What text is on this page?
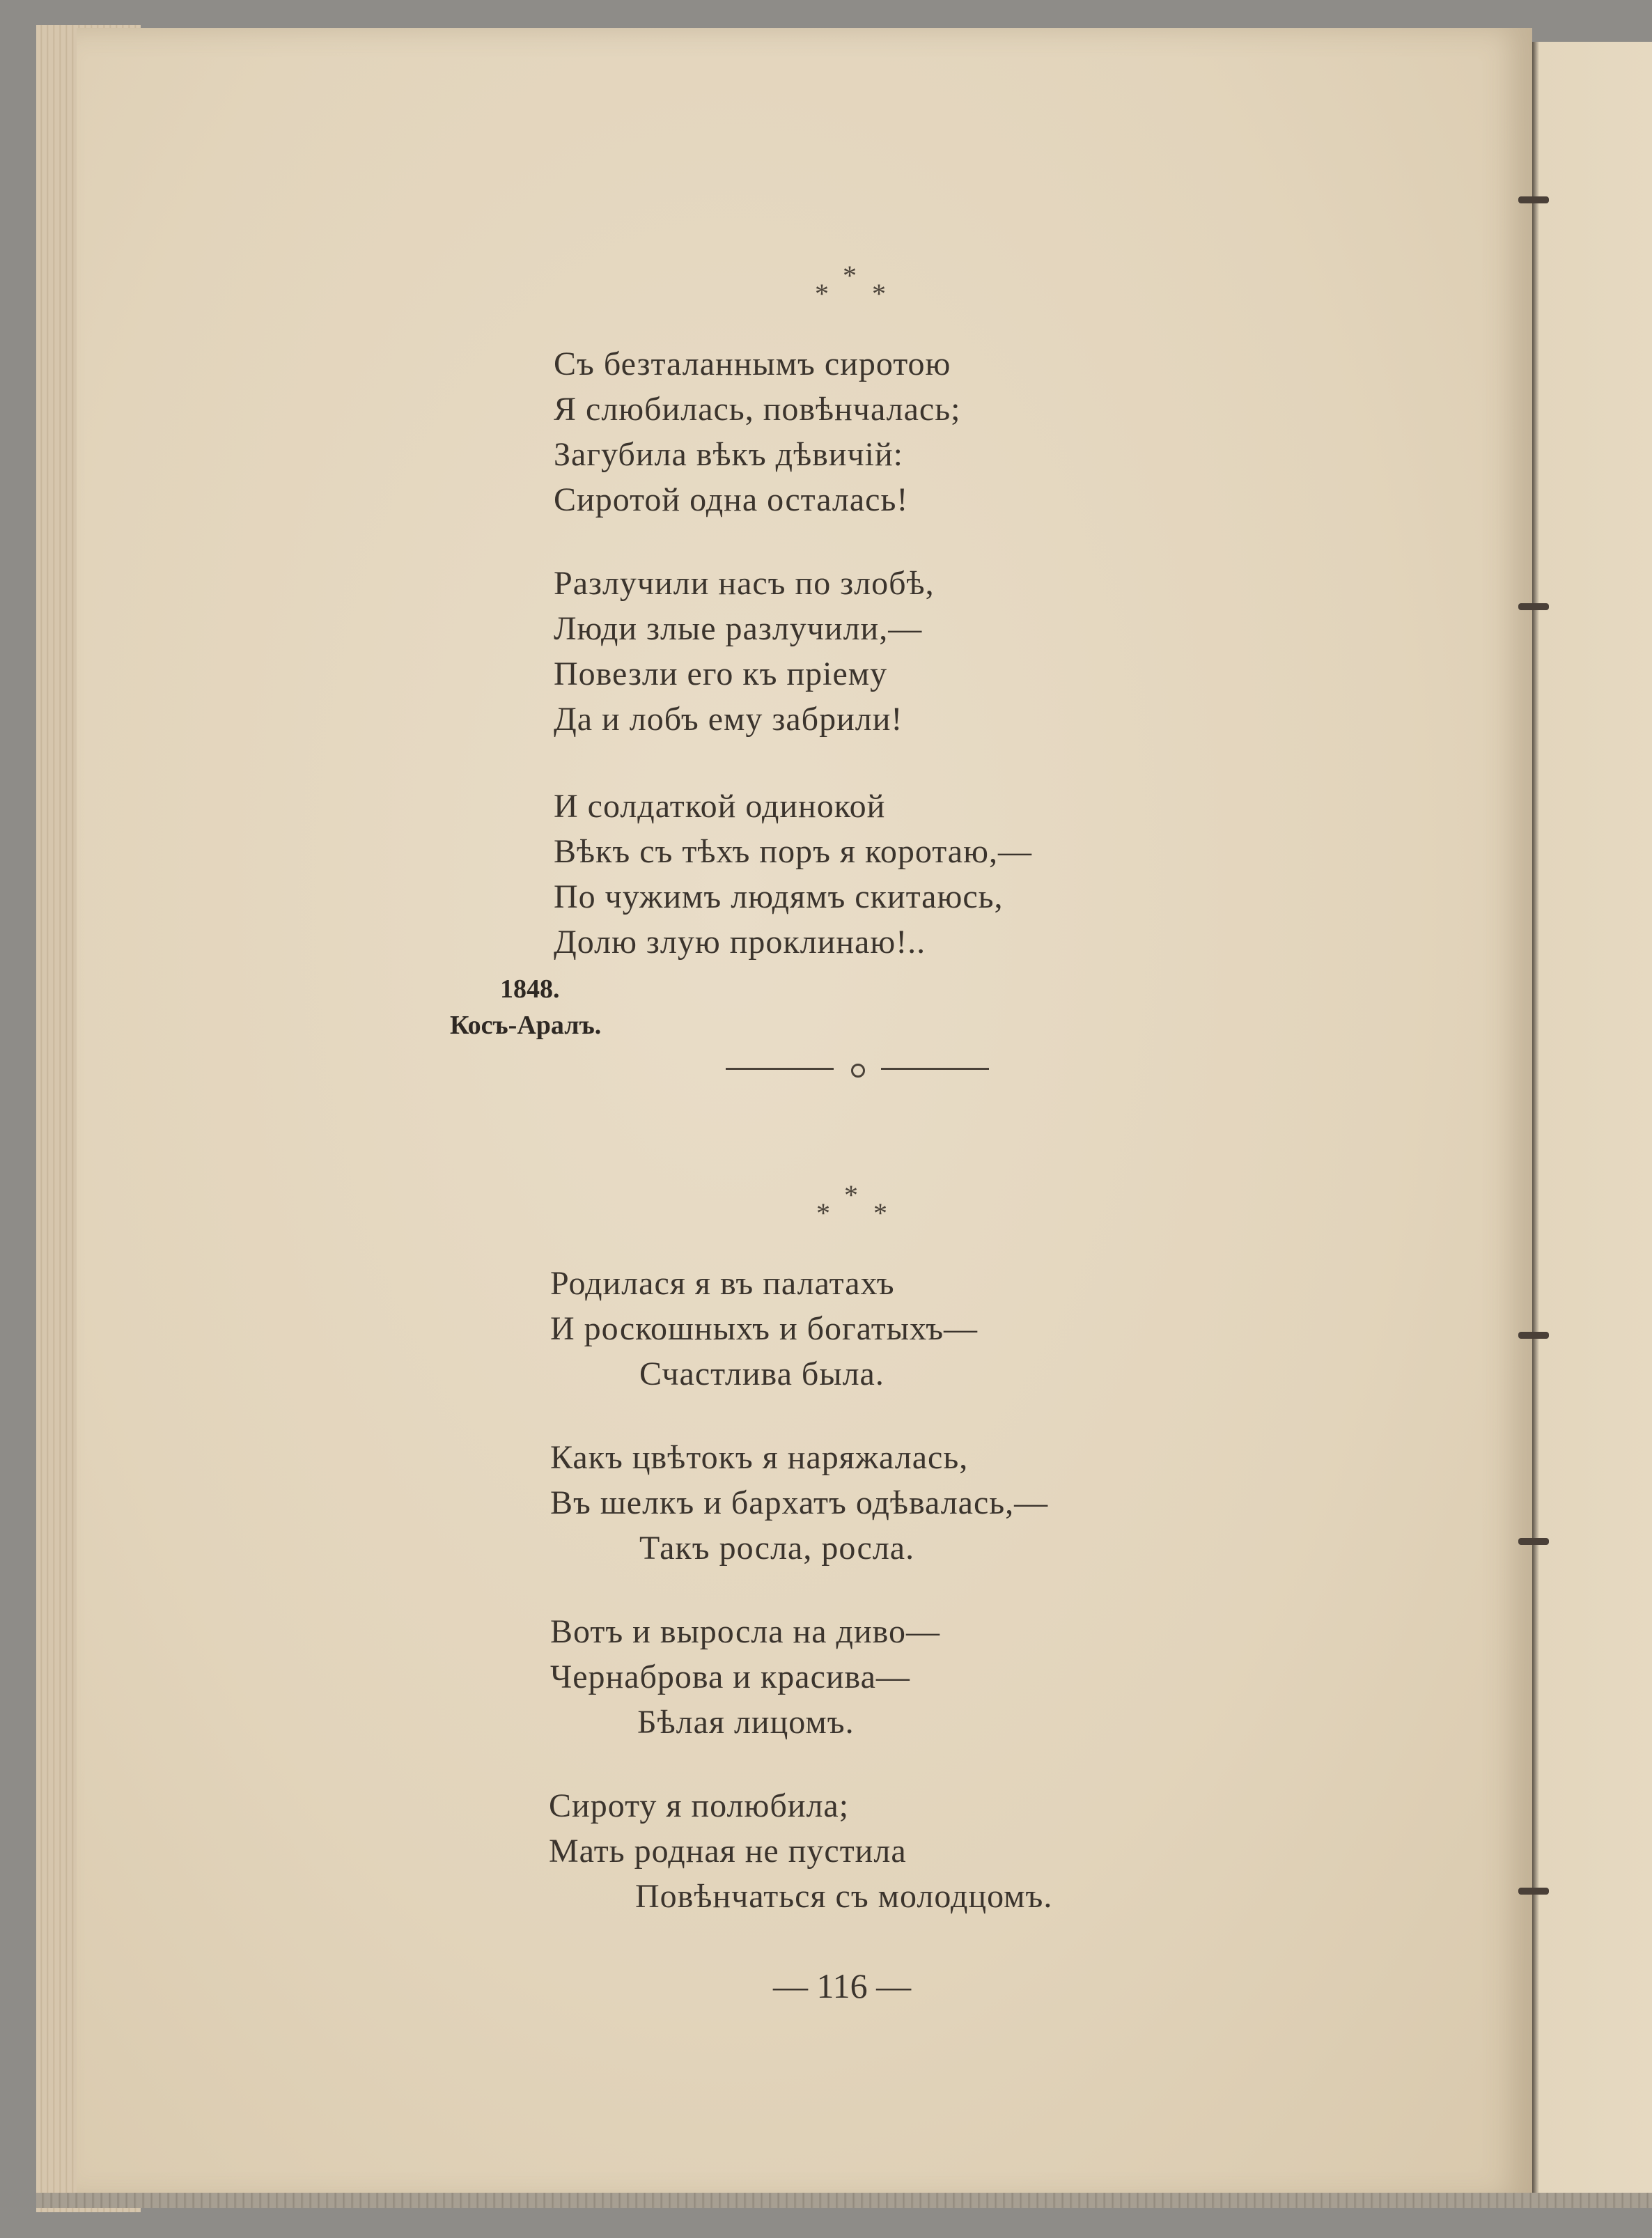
*
* *
Съ безталаннымъ сиротою
Я слюбилась, повѣнчалась;
Загубила вѣкъ дѣвичій:
Сиротой одна осталась!
Разлучили насъ по злобѣ,
Люди злые разлучили,—
Повезли его къ пріему
Да и лобъ ему забрили!
И солдаткой одинокой
Вѣкъ съ тѣхъ поръ я коротаю,—
По чужимъ людямъ скитаюсь,
Долю злую проклинаю!..
1848.
Косъ-Аралъ.
*
* *
Родилася я въ палатахъ
И роскошныхъ и богатыхъ—
Счастлива была.
Какъ цвѣтокъ я наряжалась,
Въ шелкъ и бархатъ одѣвалась,—
Такъ росла, росла.
Вотъ и выросла на диво—
Чернаброва и красива—
Бѣлая лицомъ.
Сироту я полюбила;
Мать родная не пустила
Повѣнчаться съ молодцомъ.
— 116 —
